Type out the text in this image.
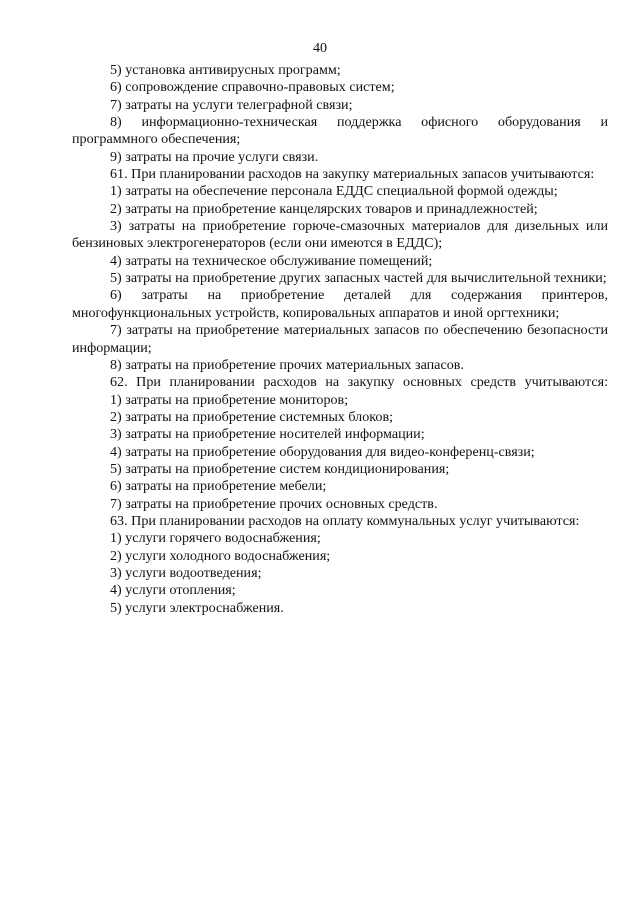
40

5) установка антивирусных программ;

6) сопровождение справочно-правовых систем;

7) затраты на услуги телеграфной связи;

8) информационно-техническая поддержка офисного оборудования и программного обеспечения;

9) затраты на прочие услуги связи.

61. При планировании расходов на закупку материальных запасов учитываются:

1) затраты на обеспечение персонала ЕДДС специальной формой одежды;

2) затраты на приобретение канцелярских товаров и принадлежностей;

3) затраты на приобретение горюче-смазочных материалов для дизельных или бензиновых электрогенераторов (если они имеются в ЕДДС);

4) затраты на техническое обслуживание помещений;

5) затраты на приобретение других запасных частей для вычислительной техники;

6) затраты на приобретение деталей для содержания принтеров, многофункциональных устройств, копировальных аппаратов и иной оргтехники;

7) затраты на приобретение материальных запасов по обеспечению безопасности информации;

8) затраты на приобретение прочих материальных запасов.

62. При планировании расходов на закупку основных средств учитываются:

1) затраты на приобретение мониторов;

2) затраты на приобретение системных блоков;

3) затраты на приобретение носителей информации;

4) затраты на приобретение оборудования для видео-конференц-связи;

5) затраты на приобретение систем кондиционирования;

6) затраты на приобретение мебели;

7) затраты на приобретение прочих основных средств.

63. При планировании расходов на оплату коммунальных услуг учитываются:

1) услуги горячего водоснабжения;

2) услуги холодного водоснабжения;

3) услуги водоотведения;

4) услуги отопления;

5) услуги электроснабжения.
